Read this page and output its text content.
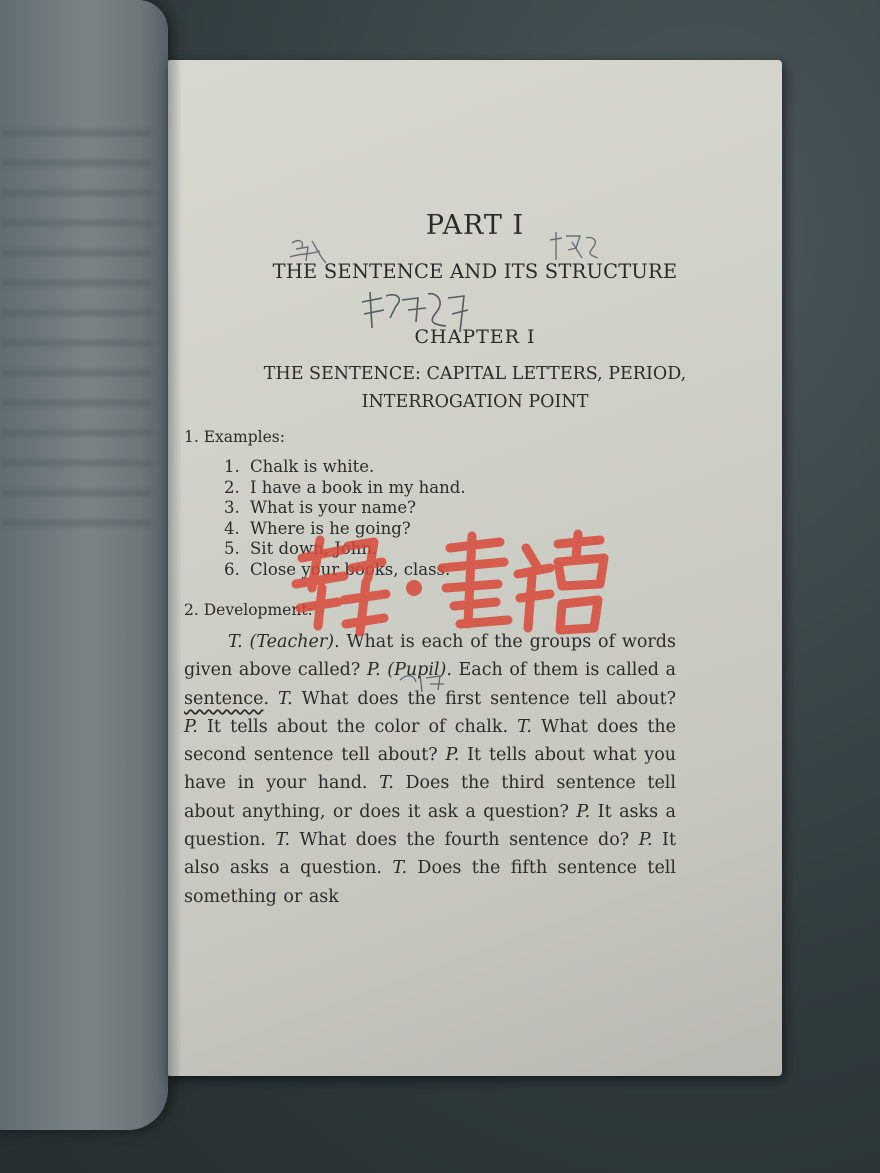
PART I
THE SENTENCE AND ITS STRUCTURE
CHAPTER I
THE SENTENCE: CAPITAL LETTERS, PERIOD,
INTERROGATION POINT
1. Examples:
1. Chalk is white.
2. I have a book in my hand.
3. What is your name?
4. Where is he going?
5. Sit down, John.
6. Close your books, class.
2. Development:

T. (Teacher). What is each of the groups of words given above called? P. (Pupil). Each of them is called a sentence. T. What does the first sentence tell about? P. It tells about the color of chalk. T. What does the second sentence tell about? P. It tells about what you have in your hand. T. Does the third sentence tell about anything, or does it ask a question? P. It asks a question. T. What does the fourth sentence do? P. It also asks a question. T. Does the fifth sentence tell something or ask
